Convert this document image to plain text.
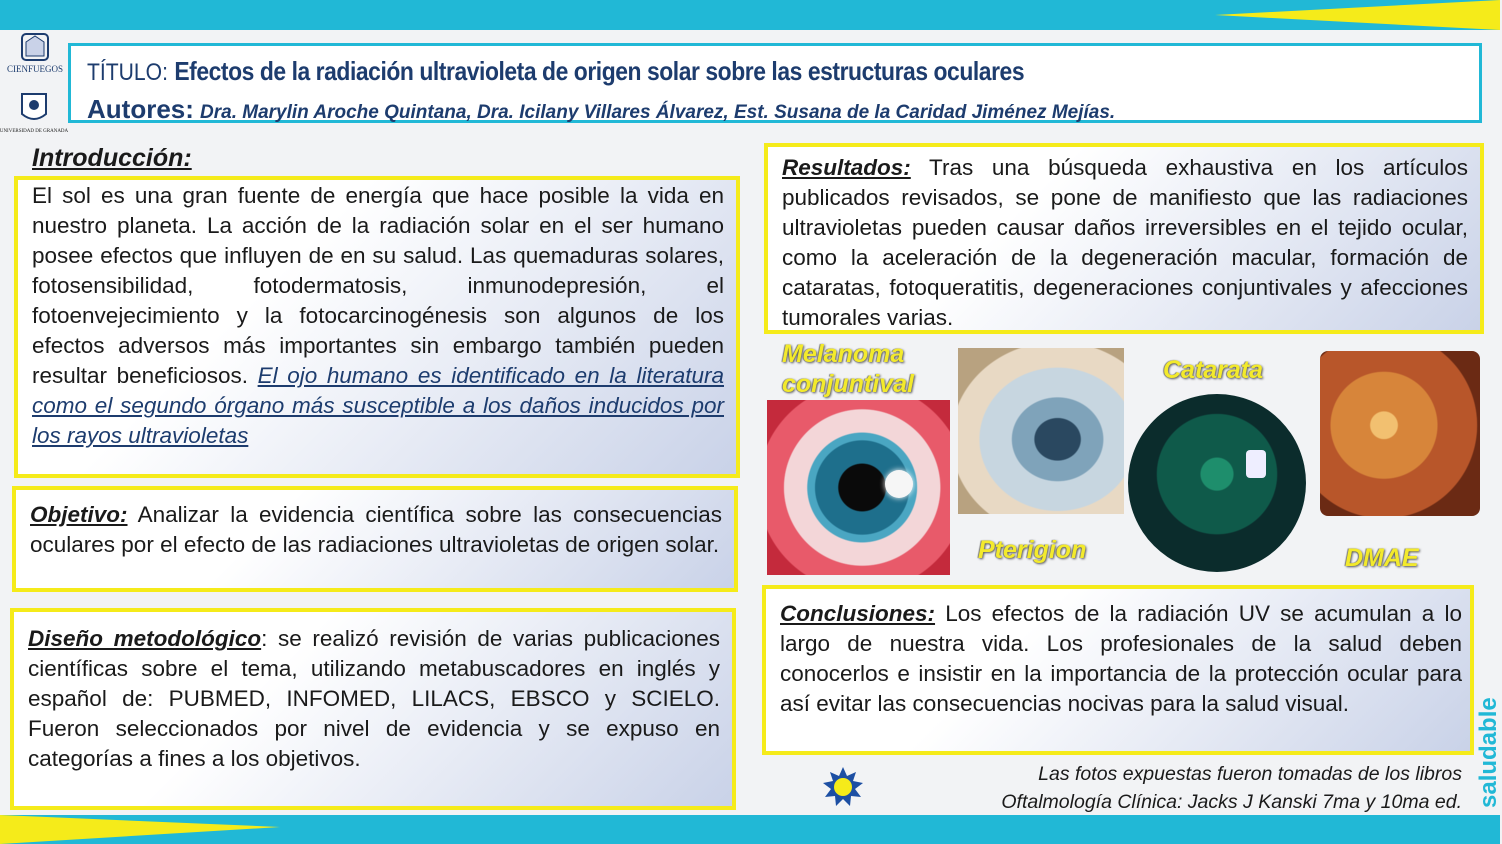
CIENFUEGOS
UNIVERSIDAD DE GRANADA
TÍTULO: Efectos de la radiación ultravioleta de origen solar sobre las estructuras oculares
Autores: Dra. Marylin Aroche Quintana, Dra. Icilany Villares Álvarez, Est. Susana de la Caridad Jiménez Mejías.
Introducción:
El sol es una gran fuente de energía que hace posible la vida en nuestro planeta. La acción de la radiación solar en el ser humano posee efectos que influyen de en su salud. Las quemaduras solares, fotosensibilidad, fotodermatosis, inmunodepresión, el fotoenvejecimiento y la fotocarcinogénesis son algunos de los efectos adversos más importantes sin embargo también pueden resultar beneficiosos. El ojo humano es identificado en la literatura como el segundo órgano más susceptible a los daños inducidos por los rayos ultravioletas
Objetivo: Analizar la evidencia científica sobre las consecuencias oculares por el efecto de las radiaciones ultravioletas de origen solar.
Diseño metodológico: se realizó revisión de varias publicaciones científicas sobre el tema, utilizando metabuscadores en inglés y español de: PUBMED, INFOMED, LILACS, EBSCO y SCIELO. Fueron seleccionados por nivel de evidencia y se expuso en categorías a fines a los objetivos.
Resultados: Tras una búsqueda exhaustiva en los artículos publicados revisados, se pone de manifiesto que las radiaciones ultravioletas pueden causar daños irreversibles en el tejido ocular, como la aceleración de la degeneración macular, formación de cataratas, fotoqueratitis, degeneraciones conjuntivales y afecciones tumorales varias.
Melanoma
conjuntival
Pterigion
Catarata
DMAE
Conclusiones: Los efectos de la radiación UV se acumulan a lo largo de nuestra vida. Los profesionales de la salud deben conocerlos e insistir en la importancia de la protección ocular para así evitar las consecuencias nocivas para la salud visual.
Las fotos expuestas fueron tomadas de los libros
Oftalmología Clínica: Jacks J Kanski 7ma y 10ma ed. saludable
